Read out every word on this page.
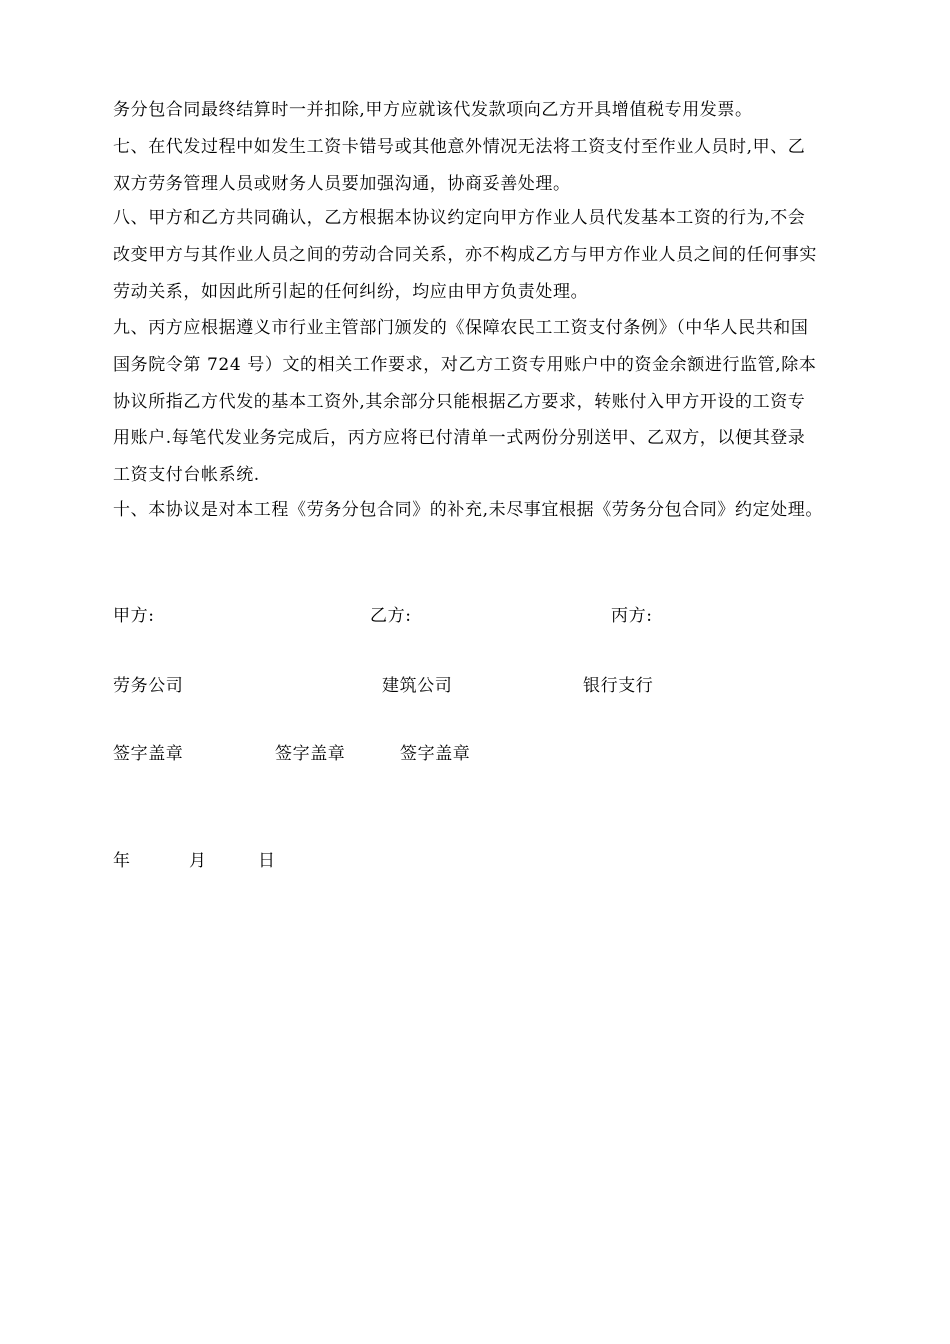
务分包合同最终结算时一并扣除,甲方应就该代发款项向乙方开具增值税专用发票。
七、在代发过程中如发生工资卡错号或其他意外情况无法将工资支付至作业人员时,甲、乙
双方劳务管理人员或财务人员要加强沟通，协商妥善处理。
八、甲方和乙方共同确认，乙方根据本协议约定向甲方作业人员代发基本工资的行为,不会
改变甲方与其作业人员之间的劳动合同关系，亦不构成乙方与甲方作业人员之间的任何事实
劳动关系，如因此所引起的任何纠纷，均应由甲方负责处理。
九、丙方应根据遵义市行业主管部门颁发的《保障农民工工资支付条例》（中华人民共和国
国务院令第 724 号）文的相关工作要求，对乙方工资专用账户中的资金余额进行监管,除本
协议所指乙方代发的基本工资外,其余部分只能根据乙方要求，转账付入甲方开设的工资专
用账户.每笔代发业务完成后，丙方应将已付清单一式两份分别送甲、乙双方，以便其登录
工资支付台帐系统.
十、本协议是对本工程《劳务分包合同》的补充,未尽事宜根据《劳务分包合同》约定处理。
甲方:	乙方:	丙方:
劳务公司	建筑公司	银行支行
签字盖章	签字盖章	签字盖章
年	月	日
